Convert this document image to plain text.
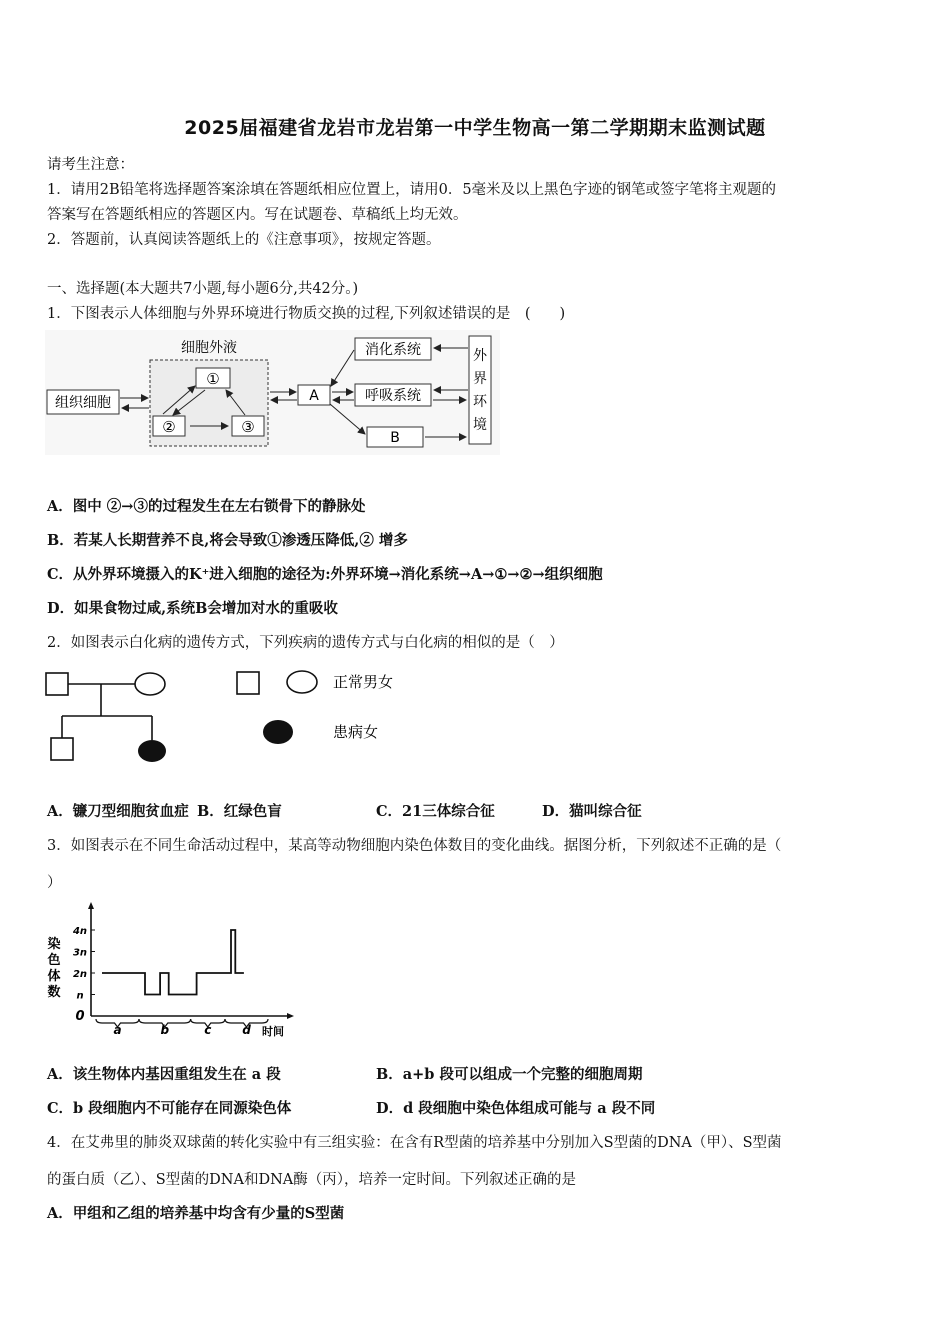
2025届福建省龙岩市龙岩第一中学生物高一第二学期期末监测试题
请考生注意：
1．请用2B铅笔将选择题答案涂填在答题纸相应位置上，请用0．5毫米及以上黑色字迹的钢笔或签字笔将主观题的
答案写在答题纸相应的答题区内。写在试题卷、草稿纸上均无效。
2．答题前，认真阅读答题纸上的《注意事项》，按规定答题。
一、选择题(本大题共7小题,每小题6分,共42分。)
1．下图表示人体细胞与外界环境进行物质交换的过程,下列叙述错误的是　(　　)
细胞外液
①
②	③
组织细胞	A
消化系统
呼吸系统
B
外
界
环
境
A．图中 ②→③的过程发生在左右锁骨下的静脉处
B．若某人长期营养不良,将会导致①渗透压降低,② 增多
C．从外界环境摄入的K⁺进入细胞的途径为:外界环境→消化系统→A→①→②→组织细胞
D．如果食物过咸,系统B会增加对水的重吸收
2．如图表示白化病的遗传方式，下列疾病的遗传方式与白化病的相似的是（　）
正常男女
患病女
A．镰刀型细胞贫血症 B．红绿色盲	C．21三体综合征	D．猫叫综合征
3．如图表示在不同生命活动过程中，某高等动物细胞内染色体数目的变化曲线。据图分析，下列叙述不正确的是（
）
染
色
体
数
时间
4n
3n
2n
n
0
a	b	c	d
A．该生物体内基因重组发生在 a 段	B．a+b 段可以组成一个完整的细胞周期
C．b 段细胞内不可能存在同源染色体	D．d 段细胞中染色体组成可能与 a 段不同
4．在艾弗里的肺炎双球菌的转化实验中有三组实验：在含有R型菌的培养基中分别加入S型菌的DNA（甲）、S型菌
的蛋白质（乙）、S型菌的DNA和DNA酶（丙），培养一定时间。下列叙述正确的是
A．甲组和乙组的培养基中均含有少量的S型菌
